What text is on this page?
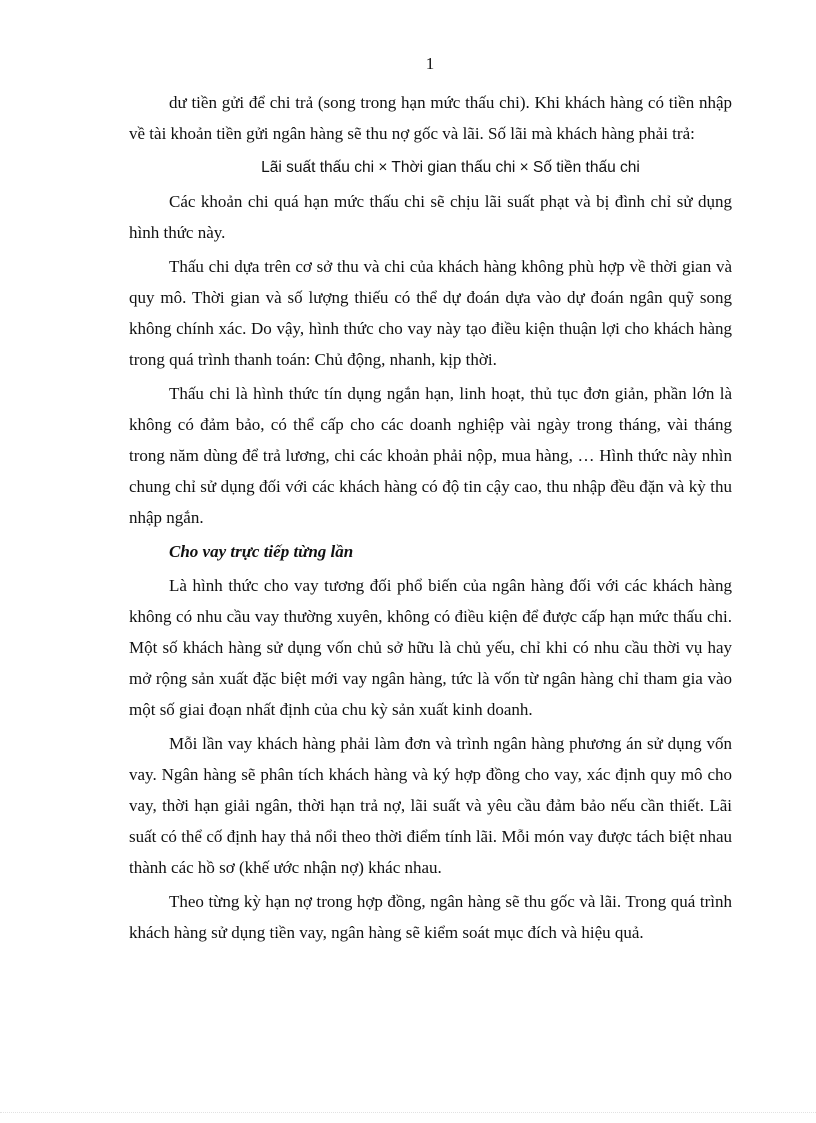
1

dư tiền gửi để chi trả (song trong hạn mức thấu chi). Khi khách hàng có tiền nhập về tài khoản tiền gửi ngân hàng sẽ thu nợ gốc và lãi. Số lãi mà khách hàng phải trả:

Lãi suất thấu chi × Thời gian thấu chi × Số tiền thấu chi

Các khoản chi quá hạn mức thấu chi sẽ chịu lãi suất phạt và bị đình chỉ sử dụng hình thức này.

Thấu chi dựa trên cơ sở thu và chi của khách hàng không phù hợp về thời gian và quy mô. Thời gian và số lượng thiếu có thể dự đoán dựa vào dự đoán ngân quỹ song không chính xác. Do vậy, hình thức cho vay này tạo điều kiện thuận lợi cho khách hàng trong quá trình thanh toán: Chủ động, nhanh, kịp thời.

Thấu chi là hình thức tín dụng ngắn hạn, linh hoạt, thủ tục đơn giản, phần lớn là không có đảm bảo, có thể cấp cho các doanh nghiệp vài ngày trong tháng, vài tháng trong năm dùng để trả lương, chi các khoản phải nộp, mua hàng, … Hình thức này nhìn chung chỉ sử dụng đối với các khách hàng có độ tin cậy cao, thu nhập đều đặn và kỳ thu nhập ngắn.

Cho vay trực tiếp từng lần

Là hình thức cho vay tương đối phổ biến của ngân hàng đối với các khách hàng không có nhu cầu vay thường xuyên, không có điều kiện để được cấp hạn mức thấu chi. Một số khách hàng sử dụng vốn chủ sở hữu là chủ yếu, chỉ khi có nhu cầu thời vụ hay mở rộng sản xuất đặc biệt mới vay ngân hàng, tức là vốn từ ngân hàng chỉ tham gia vào một số giai đoạn nhất định của chu kỳ sản xuất kinh doanh.

Mỗi lần vay khách hàng phải làm đơn và trình ngân hàng phương án sử dụng vốn vay. Ngân hàng sẽ phân tích khách hàng và ký hợp đồng cho vay, xác định quy mô cho vay, thời hạn giải ngân, thời hạn trả nợ, lãi suất và yêu cầu đảm bảo nếu cần thiết. Lãi suất có thể cố định hay thả nổi theo thời điểm tính lãi. Mỗi món vay được tách biệt nhau thành các hồ sơ (khế ước nhận nợ) khác nhau.

Theo từng kỳ hạn nợ trong hợp đồng, ngân hàng sẽ thu gốc và lãi. Trong quá trình khách hàng sử dụng tiền vay, ngân hàng sẽ kiểm soát mục đích và hiệu quả.
